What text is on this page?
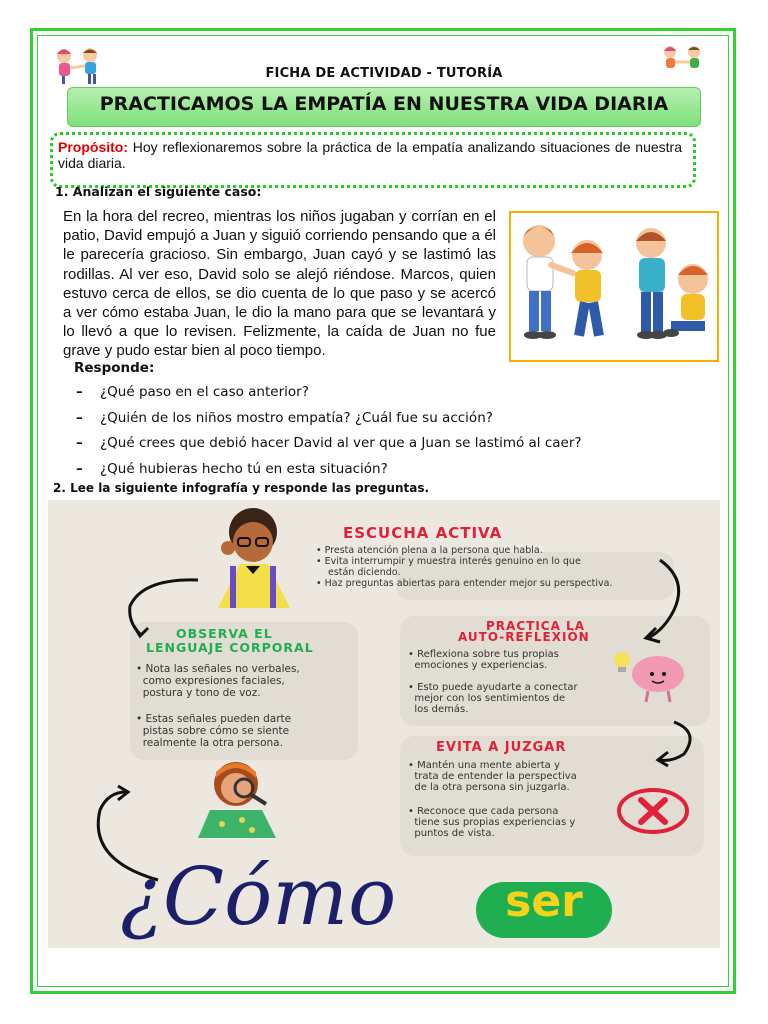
FICHA DE ACTIVIDAD - TUTORÍA
PRACTICAMOS LA EMPATÍA EN NUESTRA VIDA DIARIA
Propósito: Hoy reflexionaremos sobre la práctica de la empatía analizando situaciones de nuestra vida diaria.
1. Analizan el siguiente caso:
En la hora del recreo, mientras los niños jugaban y corrían en el patio, David empujó a Juan y siguió corriendo pensando que a él le parecería gracioso. Sin embargo, Juan cayó y se lastimó las rodillas. Al ver eso, David solo se alejó riéndose. Marcos, quien estuvo cerca de ellos, se dio cuenta de lo que paso y se acercó a ver cómo estaba Juan, le dio la mano para que se levantará y lo llevó a que lo revisen. Felizmente, la caída de Juan no fue grave y pudo estar bien al poco tiempo.
Responde:
–	¿Qué paso en el caso anterior?
–	¿Quién de los niños mostro empatía? ¿Cuál fue su acción?
–	¿Qué crees que debió hacer David al ver que a Juan se lastimó al caer?
–	¿Qué hubieras hecho tú en esta situación?
2. Lee la siguiente infografía y responde las preguntas.
ESCUCHA ACTIVA
• Presta atención plena a la persona que habla.
• Evita interrumpir y muestra interés genuino en lo que
están diciendo.
• Haz preguntas abiertas para entender mejor su perspectiva.
OBSERVA EL
LENGUAJE CORPORAL
• Nota las señales no verbales,
como expresiones faciales,
postura y tono de voz.
• Estas señales pueden darte
pistas sobre cómo se siente
realmente la otra persona.
PRACTICA LA
AUTO-REFLEXIÓN
• Reflexiona sobre tus propias
emociones y experiencias.
• Esto puede ayudarte a conectar
mejor con los sentimientos de
los demás.
EVITA A JUZGAR
• Mantén una mente abierta y
trata de entender la perspectiva
de la otra persona sin juzgarla.
• Reconoce que cada persona
tiene sus propias experiencias y
puntos de vista.
¿Cómo	ser
